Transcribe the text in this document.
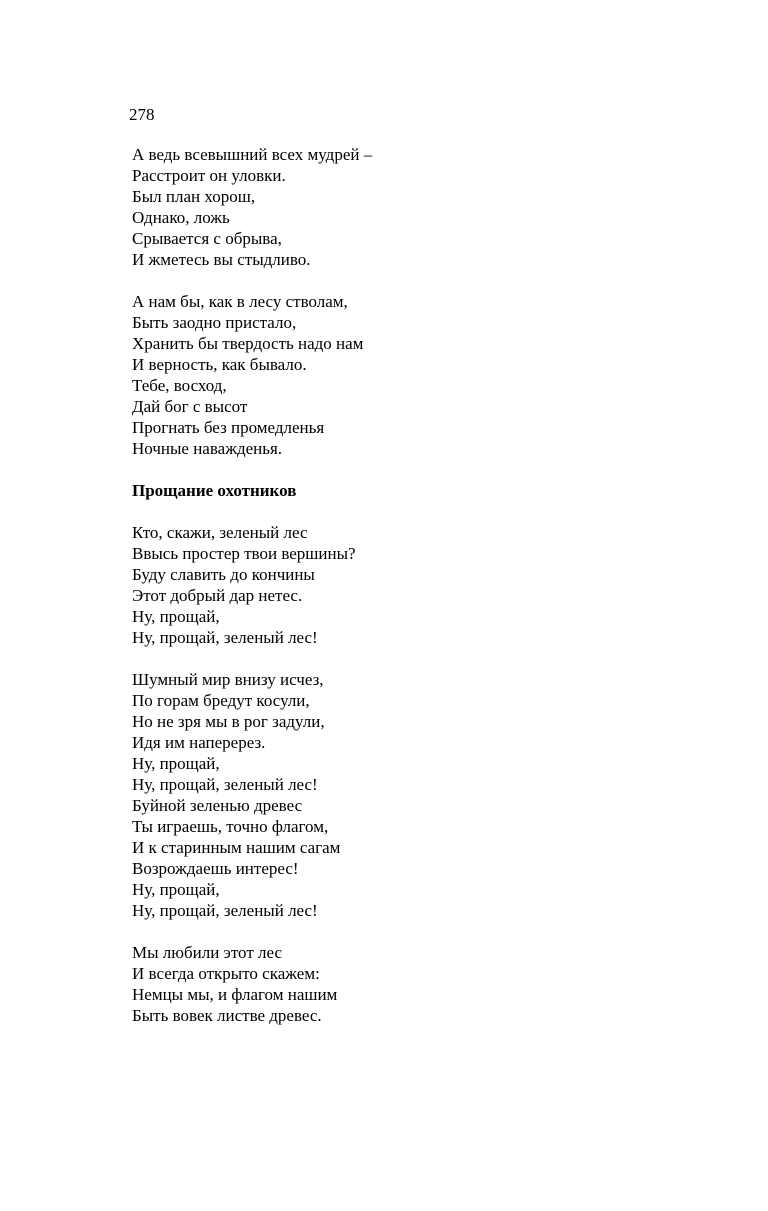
278
А ведь всевышний всех мудрей –
Расстроит он уловки.
Был план хорош,
Однако, ложь
Срывается с обрыва,
И жметесь вы стыдливо.
А нам бы, как в лесу стволам,
Быть заодно пристало,
Хранить бы твердость надо нам
И верность, как бывало.
Тебе, восход,
Дай бог с высот
Прогнать без промедленья
Ночные наважденья.
Прощание охотников
Кто, скажи, зеленый лес
Ввысь простер твои вершины?
Буду славить до кончины
Этот добрый дар нетес.
Ну, прощай,
Ну, прощай, зеленый лес!
Шумный мир внизу исчез,
По горам бредут косули,
Но не зря мы в рог задули,
Идя им наперерез.
Ну, прощай,
Ну, прощай, зеленый лес!
Буйной зеленью древес
Ты играешь, точно флагом,
И к старинным нашим сагам
Возрождаешь интерес!
Ну, прощай,
Ну, прощай, зеленый лес!
Мы любили этот лес
И всегда открыто скажем:
Немцы мы, и флагом нашим
Быть вовек листве древес.
